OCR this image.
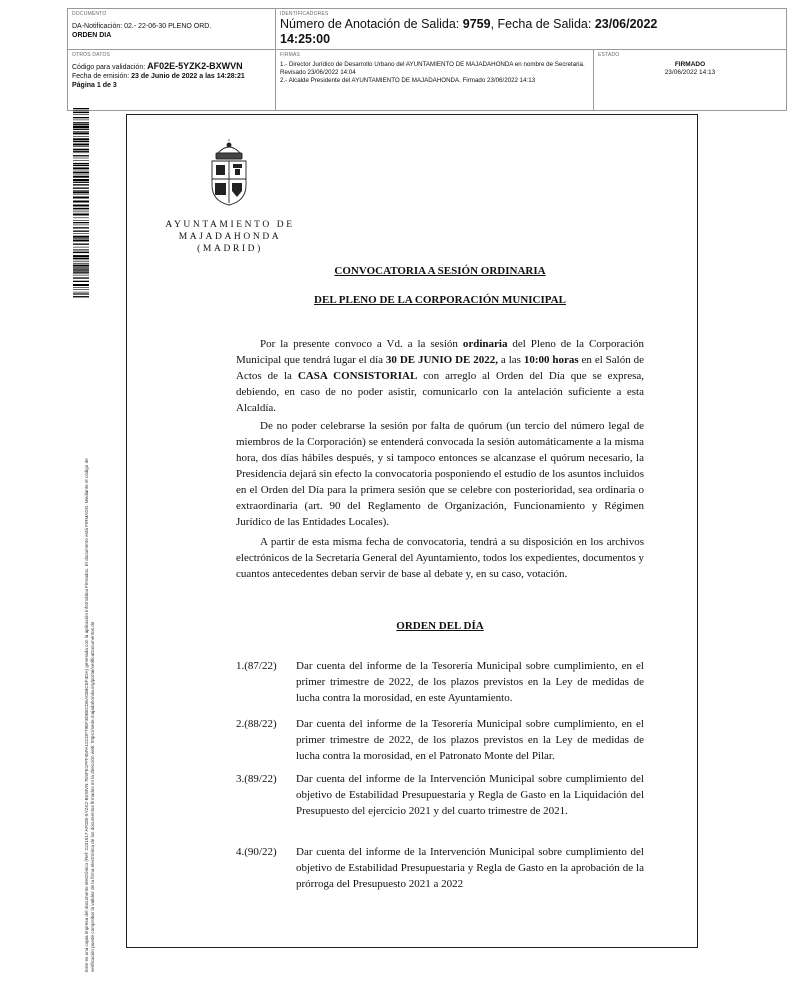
DOCUMENTO
DA-Notificación: 02.- 22-06-30 PLENO ORD.
ORDEN DIA
IDENTIFICADORES
Número de Anotación de Salida: 9759, Fecha de Salida: 23/06/2022
14:25:00
OTROS DATOS
Código para validación: AF02E-5YZK2-BXWVN
Fecha de emisión: 23 de Junio de 2022 a las 14:28:21
Página 1 de 3
FIRMAS
1.- Director Jurídico de Desarrollo Urbano del AYUNTAMIENTO DE MAJADAHONDA en nombre de Secretaria.
Revisado 23/06/2022 14:04
2.- Alcalde Presidente del AYUNTAMIENTO DE MAJADAHONDA. Firmado 23/06/2022 14:13
ESTADO
FIRMADO
23/06/2022 14:13
Este es una copia impresa del documento electrónico (Ref: 2231917 AF02E-5YZK2-BXWVN 7E5FE1FFF45FA12CDF79EF3DB0CDEA03BCEF3DA) generada con la aplicación informática Firmadoc. El documento está FIRMADO. Mediante el código de verificación puede comprobar la validez de la firma electrónica de los documentos firmados en la dirección web: https://sede.majadahonda.org/portal/verificaDocumentos.do
AYUNTAMIENTO DE
MAJADAHONDA
(MADRID)
CONVOCATORIA A SESIÓN ORDINARIA
DEL PLENO DE LA CORPORACIÓN MUNICIPAL

Por la presente convoco a Vd. a la sesión ordinaria del Pleno de la Corporación Municipal que tendrá lugar el día 30 DE JUNIO DE 2022, a las 10:00 horas en el Salón de Actos de la CASA CONSISTORIAL con arreglo al Orden del Día que se expresa, debiendo, en caso de no poder asistir, comunicarlo con la antelación suficiente a esta Alcaldía.

De no poder celebrarse la sesión por falta de quórum (un tercio del número legal de miembros de la Corporación) se entenderá convocada la sesión automáticamente a la misma hora, dos días hábiles después, y si tampoco entonces se alcanzase el quórum necesario, la Presidencia dejará sin efecto la convocatoria posponiendo el estudio de los asuntos incluidos en el Orden del Día para la primera sesión que se celebre con posterioridad, sea ordinaria o extraordinaria (art. 90 del Reglamento de Organización, Funcionamiento y Régimen Jurídico de las Entidades Locales).

A partir de esta misma fecha de convocatoria, tendrá a su disposición en los archivos electrónicos de la Secretaría General del Ayuntamiento, todos los expedientes, documentos y cuantos antecedentes deban servir de base al debate y, en su caso, votación.

ORDEN DEL DÍA
1.(87/22)	Dar cuenta del informe de la Tesorería Municipal sobre cumplimiento, en el primer trimestre de 2022, de los plazos previstos en la Ley de medidas de lucha contra la morosidad, en este Ayuntamiento.
2.(88/22)	Dar cuenta del informe de la Tesorería Municipal sobre cumplimiento, en el primer trimestre de 2022, de los plazos previstos en la Ley de medidas de lucha contra la morosidad, en el Patronato Monte del Pilar.
3.(89/22)	Dar cuenta del informe de la Intervención Municipal sobre cumplimiento del objetivo de Estabilidad Presupuestaria y Regla de Gasto en la Liquidación del Presupuesto del ejercicio 2021 y del cuarto trimestre de 2021.
4.(90/22)	Dar cuenta del informe de la Intervención Municipal sobre cumplimiento del objetivo de Estabilidad Presupuestaria y Regla de Gasto en la aprobación de la prórroga del Presupuesto 2021 a 2022
